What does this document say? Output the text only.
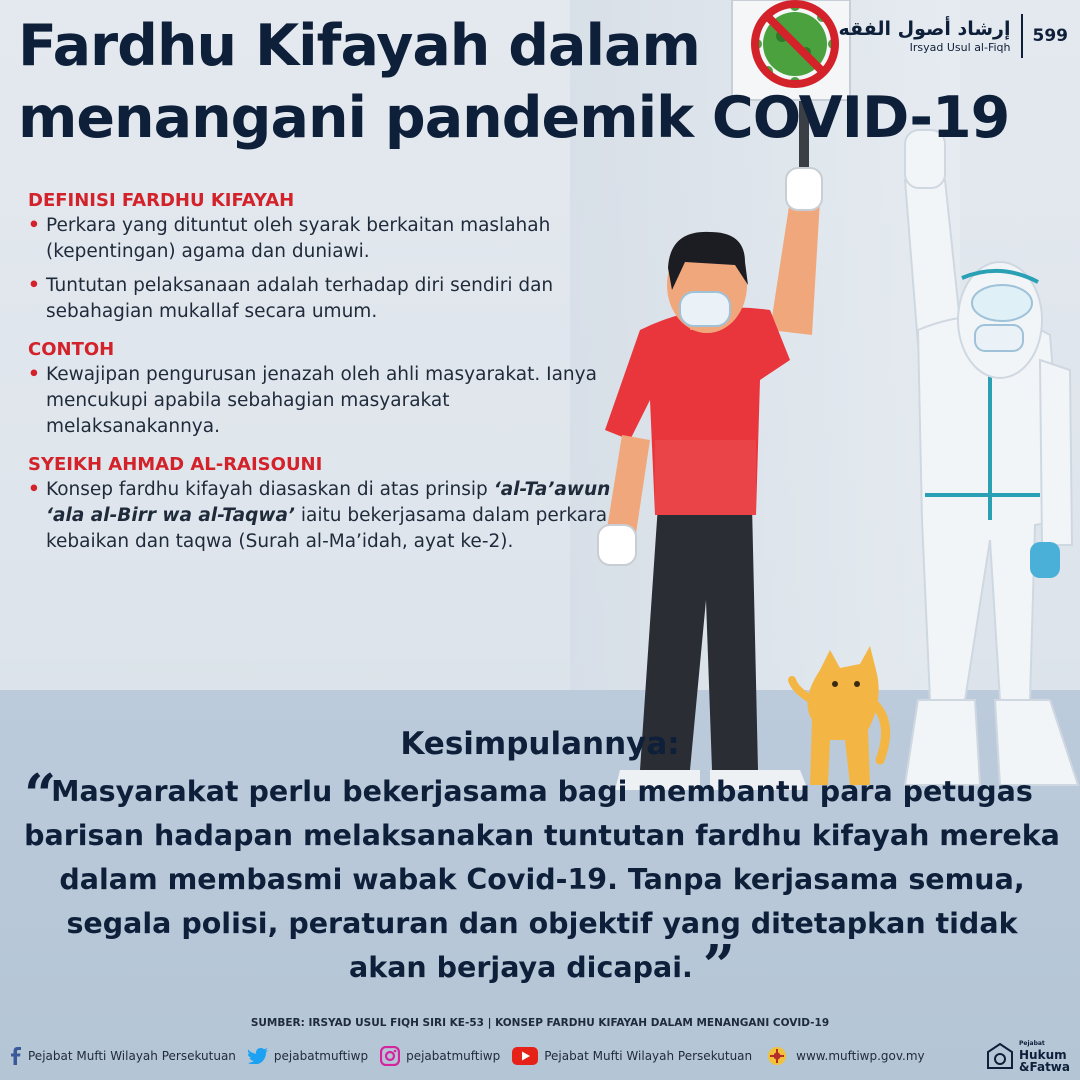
Fardhu Kifayah dalam
menangani pandemik COVID-19
إرشاد أصول الفقه
Irsyad Usul al-Fiqh
599
DEFINISI FARDHU KIFAYAH
• Perkara yang dituntut oleh syarak berkaitan maslahah (kepentingan) agama dan duniawi.
• Tuntutan pelaksanaan adalah terhadap diri sendiri dan sebahagian mukallaf secara umum.
CONTOH
• Kewajipan pengurusan jenazah oleh ahli masyarakat. Ianya mencukupi apabila sebahagian masyarakat melaksanakannya.
SYEIKH AHMAD AL-RAISOUNI
• Konsep fardhu kifayah diasaskan di atas prinsip ‘al-Ta’awun ‘ala al-Birr wa al-Taqwa’ iaitu bekerjasama dalam perkara kebaikan dan taqwa (Surah al-Ma’idah, ayat ke-2).
Kesimpulannya:
“
Masyarakat perlu bekerjasama bagi membantu para petugas barisan hadapan melaksanakan tuntutan fardhu kifayah mereka dalam membasmi wabak Covid-19. Tanpa kerjasama semua, segala polisi, peraturan dan objektif yang ditetapkan tidak akan berjaya dicapai. ”
SUMBER: IRSYAD USUL FIQH SIRI KE-53 | KONSEP FARDHU KIFAYAH DALAM MENANGANI COVID-19
Pejabat Mufti Wilayah Persekutuan	pejabatmuftiwp	pejabatmuftiwp	Pejabat Mufti Wilayah Persekutuan	www.muftiwp.gov.my
Pejabat
Hukum
&Fatwa
